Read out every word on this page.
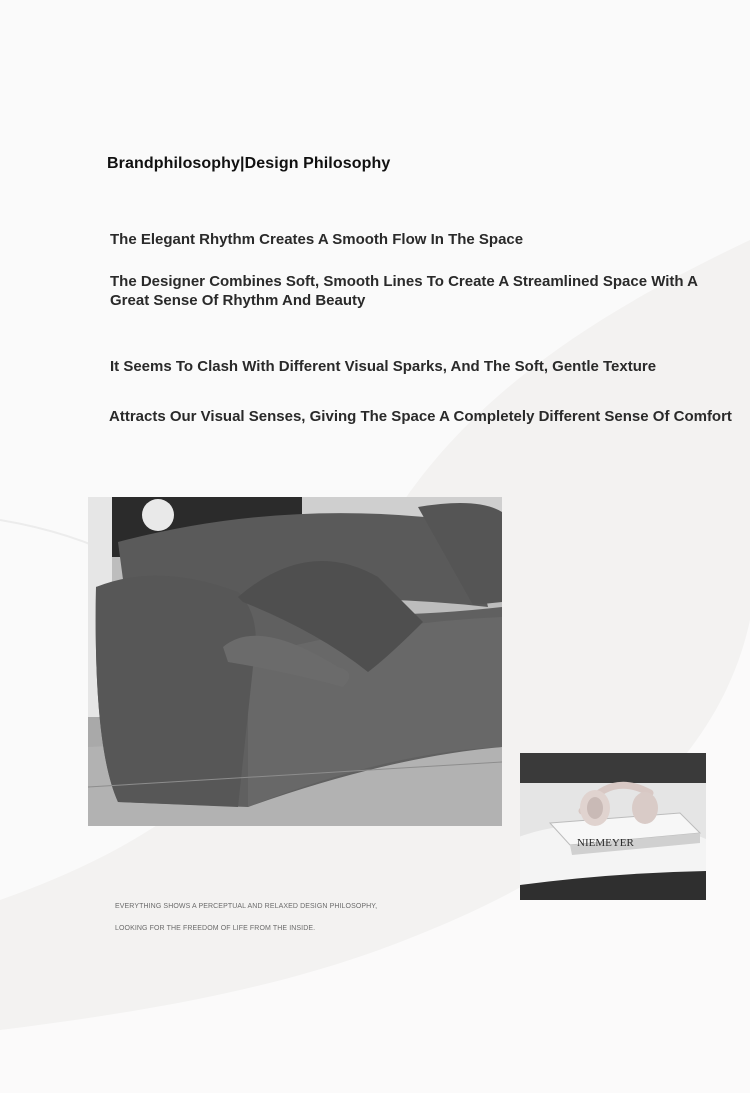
Brandphilosophy|Design Philosophy
The Elegant Rhythm Creates A Smooth Flow In The Space
The Designer Combines Soft, Smooth Lines To Create A Streamlined Space With A Great Sense Of Rhythm And Beauty
It Seems To Clash With Different Visual Sparks, And The Soft, Gentle Texture
Attracts Our Visual Senses, Giving The Space A Completely Different Sense Of Comfort
NIEMEYER
EVERYTHING SHOWS A PERCEPTUAL AND RELAXED DESIGN PHILOSOPHY,
LOOKING FOR THE FREEDOM OF LIFE FROM THE INSIDE.
